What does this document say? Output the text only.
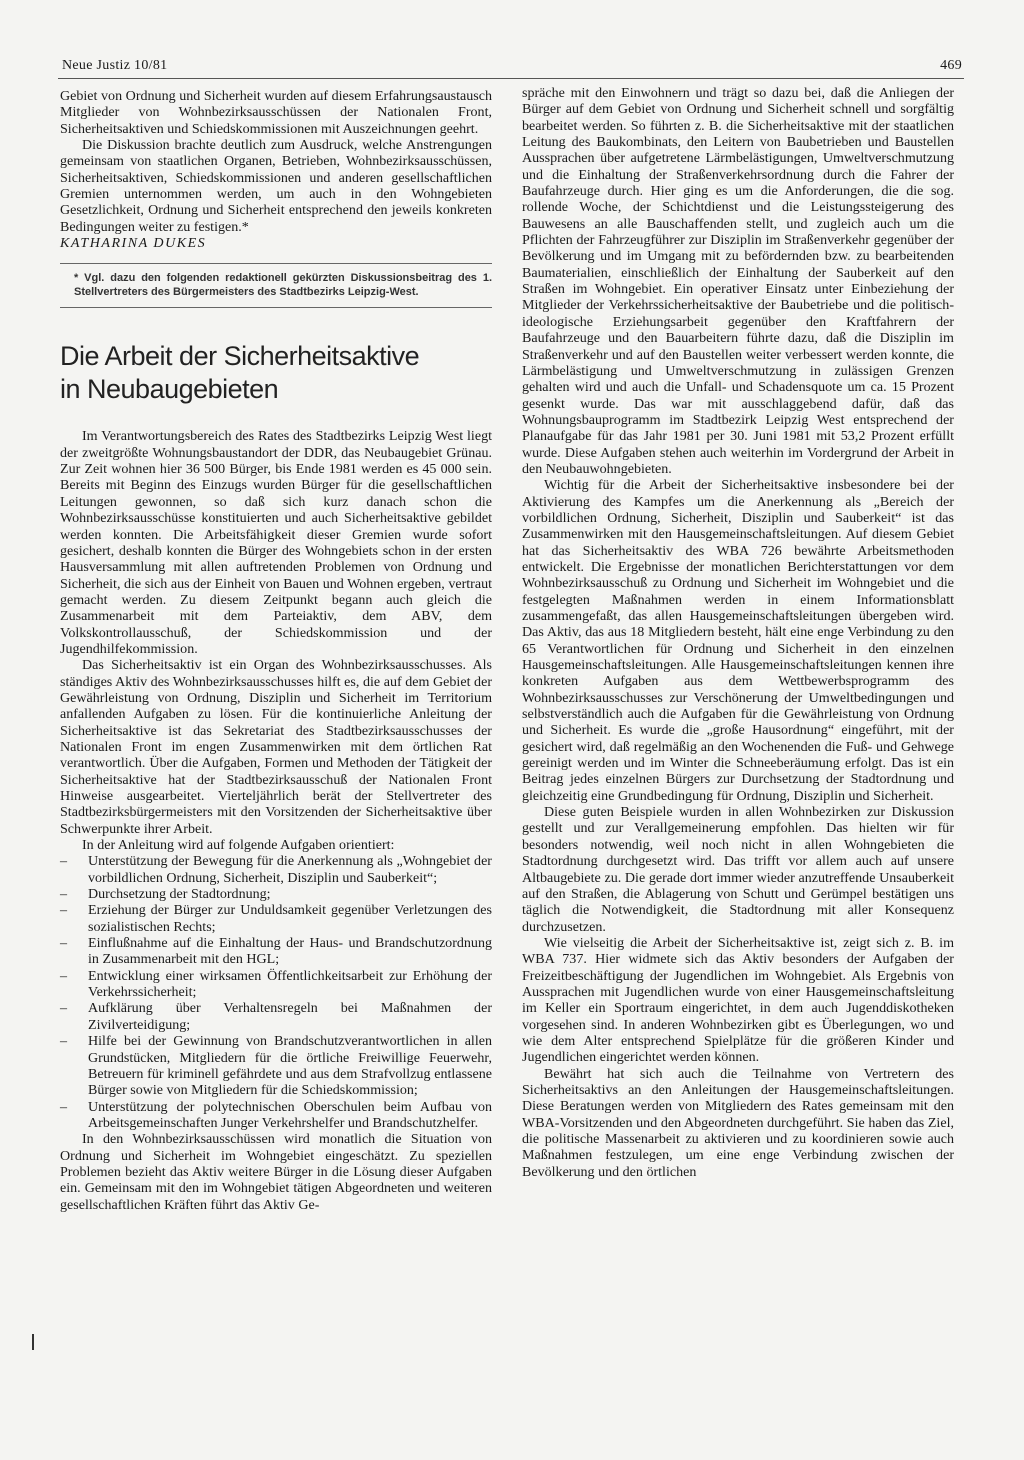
Neue Justiz 10/81	469

Gebiet von Ordnung und Sicherheit wurden auf diesem Erfahrungsaustausch Mitglieder von Wohnbezirksausschüssen der Nationalen Front, Sicherheitsaktiven und Schiedskommissionen mit Auszeichnungen geehrt.

Die Diskussion brachte deutlich zum Ausdruck, welche Anstrengungen gemeinsam von staatlichen Organen, Betrieben, Wohnbezirksausschüssen, Sicherheitsaktiven, Schiedskommissionen und anderen gesellschaftlichen Gremien unternommen werden, um auch in den Wohngebieten Gesetzlichkeit, Ordnung und Sicherheit entsprechend den jeweils konkreten Bedingungen weiter zu festigen.*

KATHARINA DUKES

* Vgl. dazu den folgenden redaktionell gekürzten Diskussionsbeitrag des 1. Stellvertreters des Bürgermeisters des Stadtbezirks Leipzig-West.

Die Arbeit der Sicherheitsaktive
in Neubaugebieten

Im Verantwortungsbereich des Rates des Stadtbezirks Leipzig West liegt der zweitgrößte Wohnungsbaustandort der DDR, das Neubaugebiet Grünau. Zur Zeit wohnen hier 36 500 Bürger, bis Ende 1981 werden es 45 000 sein. Bereits mit Beginn des Einzugs wurden Bürger für die gesellschaftlichen Leitungen gewonnen, so daß sich kurz danach schon die Wohnbezirksausschüsse konstituierten und auch Sicherheitsaktive gebildet werden konnten. Die Arbeitsfähigkeit dieser Gremien wurde sofort gesichert, deshalb konnten die Bürger des Wohngebiets schon in der ersten Hausversammlung mit allen auftretenden Problemen von Ordnung und Sicherheit, die sich aus der Einheit von Bauen und Wohnen ergeben, vertraut gemacht werden. Zu diesem Zeitpunkt begann auch gleich die Zusammenarbeit mit dem Parteiaktiv, dem ABV, dem Volkskontrollausschuß, der Schiedskommission und der Jugendhilfekommission.

Das Sicherheitsaktiv ist ein Organ des Wohnbezirksausschusses. Als ständiges Aktiv des Wohnbezirksausschusses hilft es, die auf dem Gebiet der Gewährleistung von Ordnung, Disziplin und Sicherheit im Territorium anfallenden Aufgaben zu lösen. Für die kontinuierliche Anleitung der Sicherheitsaktive ist das Sekretariat des Stadtbezirksausschusses der Nationalen Front im engen Zusammenwirken mit dem örtlichen Rat verantwortlich. Über die Aufgaben, Formen und Methoden der Tätigkeit der Sicherheitsaktive hat der Stadtbezirksausschuß der Nationalen Front Hinweise ausgearbeitet. Vierteljährlich berät der Stellvertreter des Stadtbezirksbürgermeisters mit den Vorsitzenden der Sicherheitsaktive über Schwerpunkte ihrer Arbeit.

In der Anleitung wird auf folgende Aufgaben orientiert:

– Unterstützung der Bewegung für die Anerkennung als „Wohngebiet der vorbildlichen Ordnung, Sicherheit, Disziplin und Sauberkeit“;
– Durchsetzung der Stadtordnung;
– Erziehung der Bürger zur Unduldsamkeit gegenüber Verletzungen des sozialistischen Rechts;
– Einflußnahme auf die Einhaltung der Haus- und Brandschutzordnung in Zusammenarbeit mit den HGL;
– Entwicklung einer wirksamen Öffentlichkeitsarbeit zur Erhöhung der Verkehrssicherheit;
– Aufklärung über Verhaltensregeln bei Maßnahmen der Zivilverteidigung;
– Hilfe bei der Gewinnung von Brandschutzverantwortlichen in allen Grundstücken, Mitgliedern für die örtliche Freiwillige Feuerwehr, Betreuern für kriminell gefährdete und aus dem Strafvollzug entlassene Bürger sowie von Mitgliedern für die Schiedskommission;
– Unterstützung der polytechnischen Oberschulen beim Aufbau von Arbeitsgemeinschaften Junger Verkehrshelfer und Brandschutzhelfer.

In den Wohnbezirksausschüssen wird monatlich die Situation von Ordnung und Sicherheit im Wohngebiet eingeschätzt. Zu speziellen Problemen bezieht das Aktiv weitere Bürger in die Lösung dieser Aufgaben ein. Gemeinsam mit den im Wohngebiet tätigen Abgeordneten und weiteren gesellschaftlichen Kräften führt das Aktiv Ge-

spräche mit den Einwohnern und trägt so dazu bei, daß die Anliegen der Bürger auf dem Gebiet von Ordnung und Sicherheit schnell und sorgfältig bearbeitet werden. So führten z. B. die Sicherheitsaktive mit der staatlichen Leitung des Baukombinats, den Leitern von Baubetrieben und Baustellen Aussprachen über aufgetretene Lärmbelästigungen, Umweltverschmutzung und die Einhaltung der Straßenverkehrsordnung durch die Fahrer der Baufahrzeuge durch. Hier ging es um die Anforderungen, die die sog. rollende Woche, der Schichtdienst und die Leistungssteigerung des Bauwesens an alle Bauschaffenden stellt, und zugleich auch um die Pflichten der Fahrzeugführer zur Disziplin im Straßenverkehr gegenüber der Bevölkerung und im Umgang mit zu befördernden bzw. zu bearbeitenden Baumaterialien, einschließlich der Einhaltung der Sauberkeit auf den Straßen im Wohngebiet. Ein operativer Einsatz unter Einbeziehung der Mitglieder der Verkehrssicherheitsaktive der Baubetriebe und die politisch-ideologische Erziehungsarbeit gegenüber den Kraftfahrern der Baufahrzeuge und den Bauarbeitern führte dazu, daß die Disziplin im Straßenverkehr und auf den Baustellen weiter verbessert werden konnte, die Lärmbelästigung und Umweltverschmutzung in zulässigen Grenzen gehalten wird und auch die Unfall- und Schadensquote um ca. 15 Prozent gesenkt wurde. Das war mit ausschlaggebend dafür, daß das Wohnungsbauprogramm im Stadtbezirk Leipzig West entsprechend der Planaufgabe für das Jahr 1981 per 30. Juni 1981 mit 53,2 Prozent erfüllt wurde. Diese Aufgaben stehen auch weiterhin im Vordergrund der Arbeit in den Neubauwohngebieten.

Wichtig für die Arbeit der Sicherheitsaktive insbesondere bei der Aktivierung des Kampfes um die Anerkennung als „Bereich der vorbildlichen Ordnung, Sicherheit, Disziplin und Sauberkeit“ ist das Zusammenwirken mit den Hausgemeinschaftsleitungen. Auf diesem Gebiet hat das Sicherheitsaktiv des WBA 726 bewährte Arbeitsmethoden entwickelt. Die Ergebnisse der monatlichen Berichterstattungen vor dem Wohnbezirksausschuß zu Ordnung und Sicherheit im Wohngebiet und die festgelegten Maßnahmen werden in einem Informationsblatt zusammengefaßt, das allen Hausgemeinschaftsleitungen übergeben wird. Das Aktiv, das aus 18 Mitgliedern besteht, hält eine enge Verbindung zu den 65 Verantwortlichen für Ordnung und Sicherheit in den einzelnen Hausgemeinschaftsleitungen. Alle Hausgemeinschaftsleitungen kennen ihre konkreten Aufgaben aus dem Wettbewerbsprogramm des Wohnbezirksausschusses zur Verschönerung der Umweltbedingungen und selbstverständlich auch die Aufgaben für die Gewährleistung von Ordnung und Sicherheit. Es wurde die „große Hausordnung“ eingeführt, mit der gesichert wird, daß regelmäßig an den Wochenenden die Fuß- und Gehwege gereinigt werden und im Winter die Schneeberäumung erfolgt. Das ist ein Beitrag jedes einzelnen Bürgers zur Durchsetzung der Stadtordnung und gleichzeitig eine Grundbedingung für Ordnung, Disziplin und Sicherheit.

Diese guten Beispiele wurden in allen Wohnbezirken zur Diskussion gestellt und zur Verallgemeinerung empfohlen. Das hielten wir für besonders notwendig, weil noch nicht in allen Wohngebieten die Stadtordnung durchgesetzt wird. Das trifft vor allem auch auf unsere Altbaugebiete zu. Die gerade dort immer wieder anzutreffende Unsauberkeit auf den Straßen, die Ablagerung von Schutt und Gerümpel bestätigen uns täglich die Notwendigkeit, die Stadtordnung mit aller Konsequenz durchzusetzen.

Wie vielseitig die Arbeit der Sicherheitsaktive ist, zeigt sich z. B. im WBA 737. Hier widmete sich das Aktiv besonders der Aufgaben der Freizeitbeschäftigung der Jugendlichen im Wohngebiet. Als Ergebnis von Aussprachen mit Jugendlichen wurde von einer Hausgemeinschaftsleitung im Keller ein Sportraum eingerichtet, in dem auch Jugenddiskotheken vorgesehen sind. In anderen Wohnbezirken gibt es Überlegungen, wo und wie dem Alter entsprechend Spielplätze für die größeren Kinder und Jugendlichen eingerichtet werden können.

Bewährt hat sich auch die Teilnahme von Vertretern des Sicherheitsaktivs an den Anleitungen der Hausgemeinschaftsleitungen. Diese Beratungen werden von Mitgliedern des Rates gemeinsam mit den WBA-Vorsitzenden und den Abgeordneten durchgeführt. Sie haben das Ziel, die politische Massenarbeit zu aktivieren und zu koordinieren sowie auch Maßnahmen festzulegen, um eine enge Verbindung zwischen der Bevölkerung und den örtlichen
